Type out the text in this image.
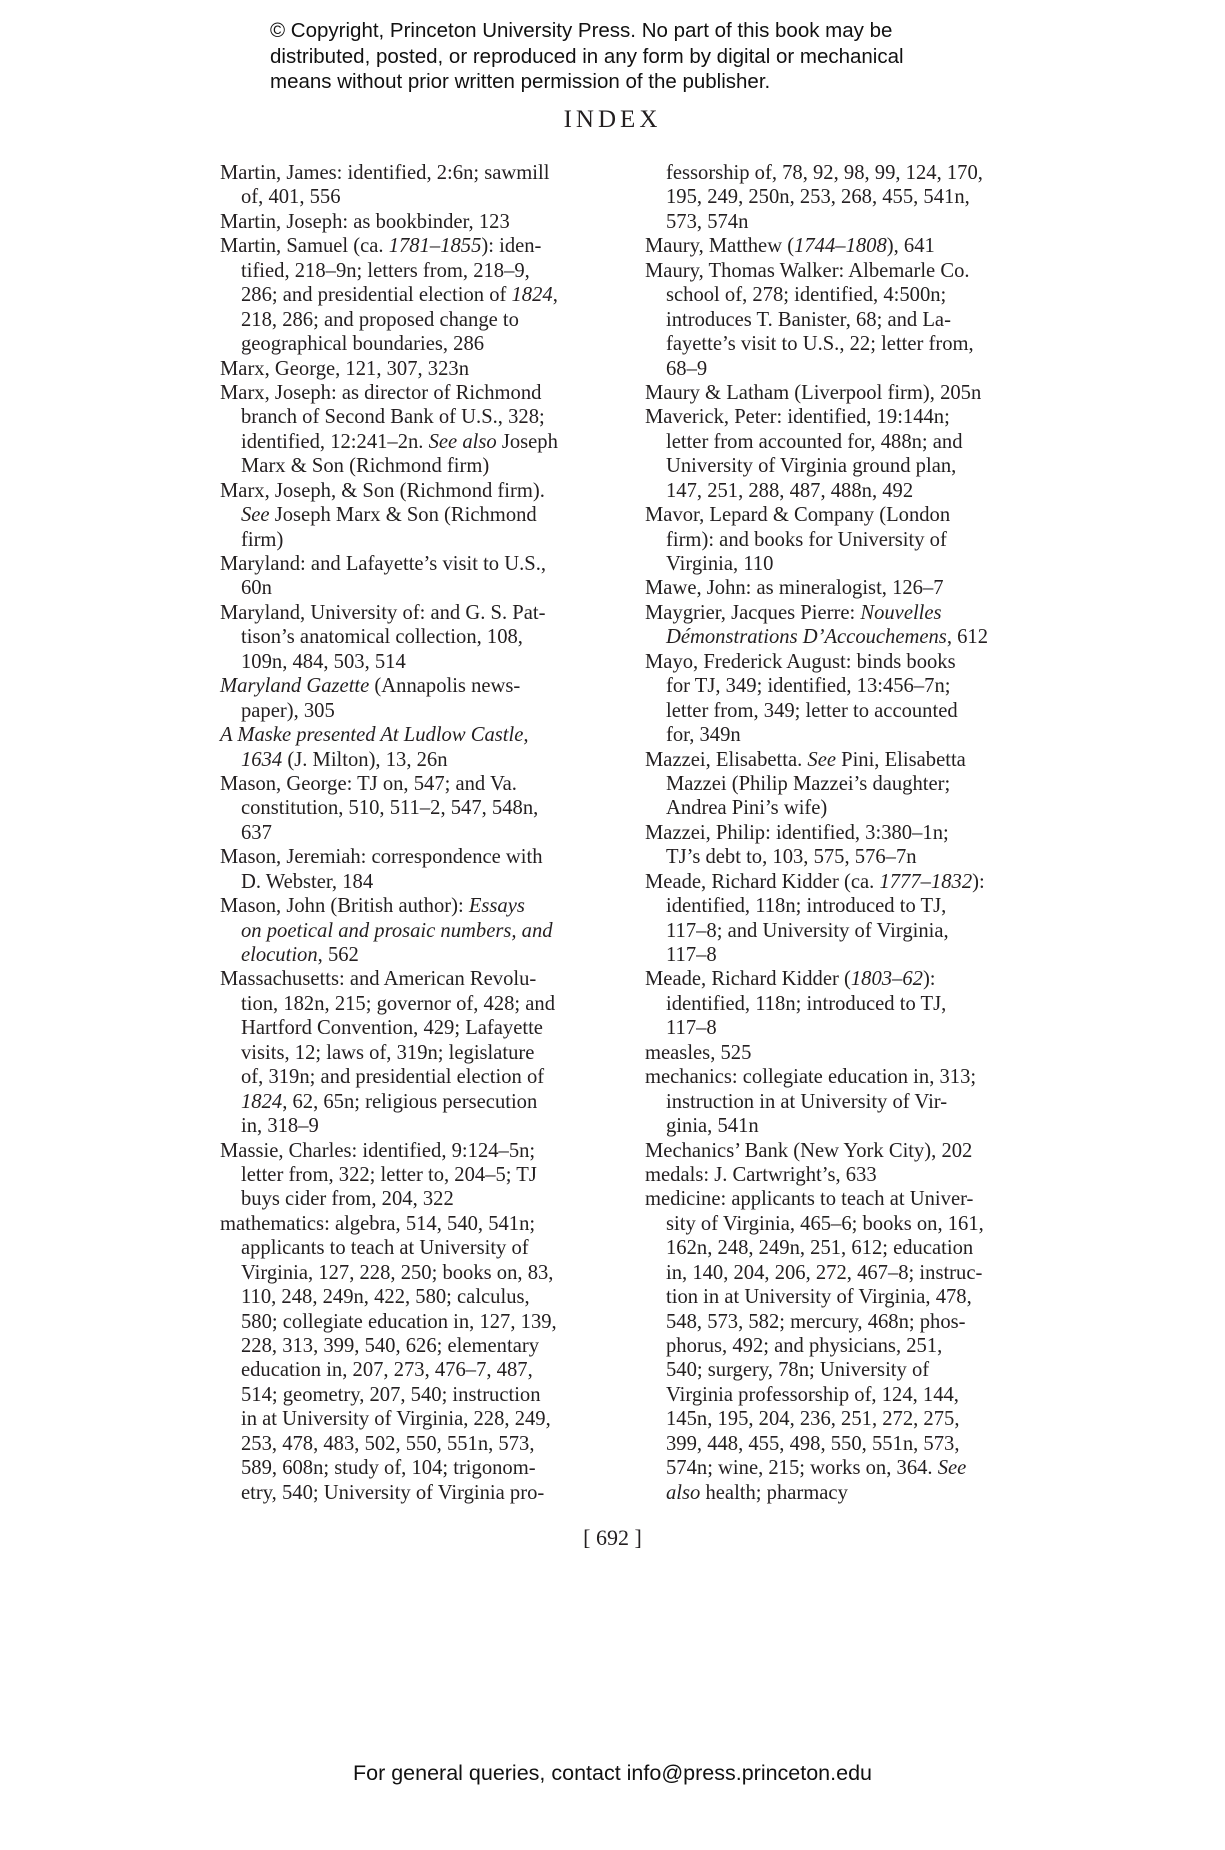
© Copyright, Princeton University Press. No part of this book may be
distributed, posted, or reproduced in any form by digital or mechanical
means without prior written permission of the publisher.
INDEX
Martin, James: identified, 2:6n; sawmill
of, 401, 556
Martin, Joseph: as bookbinder, 123
Martin, Samuel (ca. 1781–1855): iden-
tified, 218–9n; letters from, 218–9,
286; and presidential election of 1824,
218, 286; and proposed change to
geographical boundaries, 286
Marx, George, 121, 307, 323n
Marx, Joseph: as director of Richmond
branch of Second Bank of U.S., 328;
identified, 12:241–2n. See also Joseph
Marx & Son (Richmond firm)
Marx, Joseph, & Son (Richmond firm).
See Joseph Marx & Son (Richmond
firm)
Maryland: and Lafayette’s visit to U.S.,
60n
Maryland, University of: and G. S. Pat-
tison’s anatomical collection, 108,
109n, 484, 503, 514
Maryland Gazette (Annapolis news-
paper), 305
A Maske presented At Ludlow Castle,
1634 (J. Milton), 13, 26n
Mason, George: TJ on, 547; and Va.
constitution, 510, 511–2, 547, 548n,
637
Mason, Jeremiah: correspondence with
D. Webster, 184
Mason, John (British author): Essays
on poetical and prosaic numbers, and
elocution, 562
Massachusetts: and American Revolu-
tion, 182n, 215; governor of, 428; and
Hartford Convention, 429; Lafayette
visits, 12; laws of, 319n; legislature
of, 319n; and presidential election of
1824, 62, 65n; religious persecution
in, 318–9
Massie, Charles: identified, 9:124–5n;
letter from, 322; letter to, 204–5; TJ
buys cider from, 204, 322
mathematics: algebra, 514, 540, 541n;
applicants to teach at University of
Virginia, 127, 228, 250; books on, 83,
110, 248, 249n, 422, 580; calculus,
580; collegiate education in, 127, 139,
228, 313, 399, 540, 626; elementary
education in, 207, 273, 476–7, 487,
514; geometry, 207, 540; instruction
in at University of Virginia, 228, 249,
253, 478, 483, 502, 550, 551n, 573,
589, 608n; study of, 104; trigonom-
etry, 540; University of Virginia pro-
fessorship of, 78, 92, 98, 99, 124, 170,
195, 249, 250n, 253, 268, 455, 541n,
573, 574n
Maury, Matthew (1744–1808), 641
Maury, Thomas Walker: Albemarle Co.
school of, 278; identified, 4:500n;
introduces T. Banister, 68; and La-
fayette’s visit to U.S., 22; letter from,
68–9
Maury & Latham (Liverpool firm), 205n
Maverick, Peter: identified, 19:144n;
letter from accounted for, 488n; and
University of Virginia ground plan,
147, 251, 288, 487, 488n, 492
Mavor, Lepard & Company (London
firm): and books for University of
Virginia, 110
Mawe, John: as mineralogist, 126–7
Maygrier, Jacques Pierre: Nouvelles
Démonstrations D’Accouchemens, 612
Mayo, Frederick August: binds books
for TJ, 349; identified, 13:456–7n;
letter from, 349; letter to accounted
for, 349n
Mazzei, Elisabetta. See Pini, Elisabetta
Mazzei (Philip Mazzei’s daughter;
Andrea Pini’s wife)
Mazzei, Philip: identified, 3:380–1n;
TJ’s debt to, 103, 575, 576–7n
Meade, Richard Kidder (ca. 1777–1832):
identified, 118n; introduced to TJ,
117–8; and University of Virginia,
117–8
Meade, Richard Kidder (1803–62):
identified, 118n; introduced to TJ,
117–8
measles, 525
mechanics: collegiate education in, 313;
instruction in at University of Vir-
ginia, 541n
Mechanics’ Bank (New York City), 202
medals: J. Cartwright’s, 633
medicine: applicants to teach at Univer-
sity of Virginia, 465–6; books on, 161,
162n, 248, 249n, 251, 612; education
in, 140, 204, 206, 272, 467–8; instruc-
tion in at University of Virginia, 478,
548, 573, 582; mercury, 468n; phos-
phorus, 492; and physicians, 251,
540; surgery, 78n; University of
Virginia professorship of, 124, 144,
145n, 195, 204, 236, 251, 272, 275,
399, 448, 455, 498, 550, 551n, 573,
574n; wine, 215; works on, 364. See
also health; pharmacy
[ 692 ]
For general queries, contact info@press.princeton.edu
